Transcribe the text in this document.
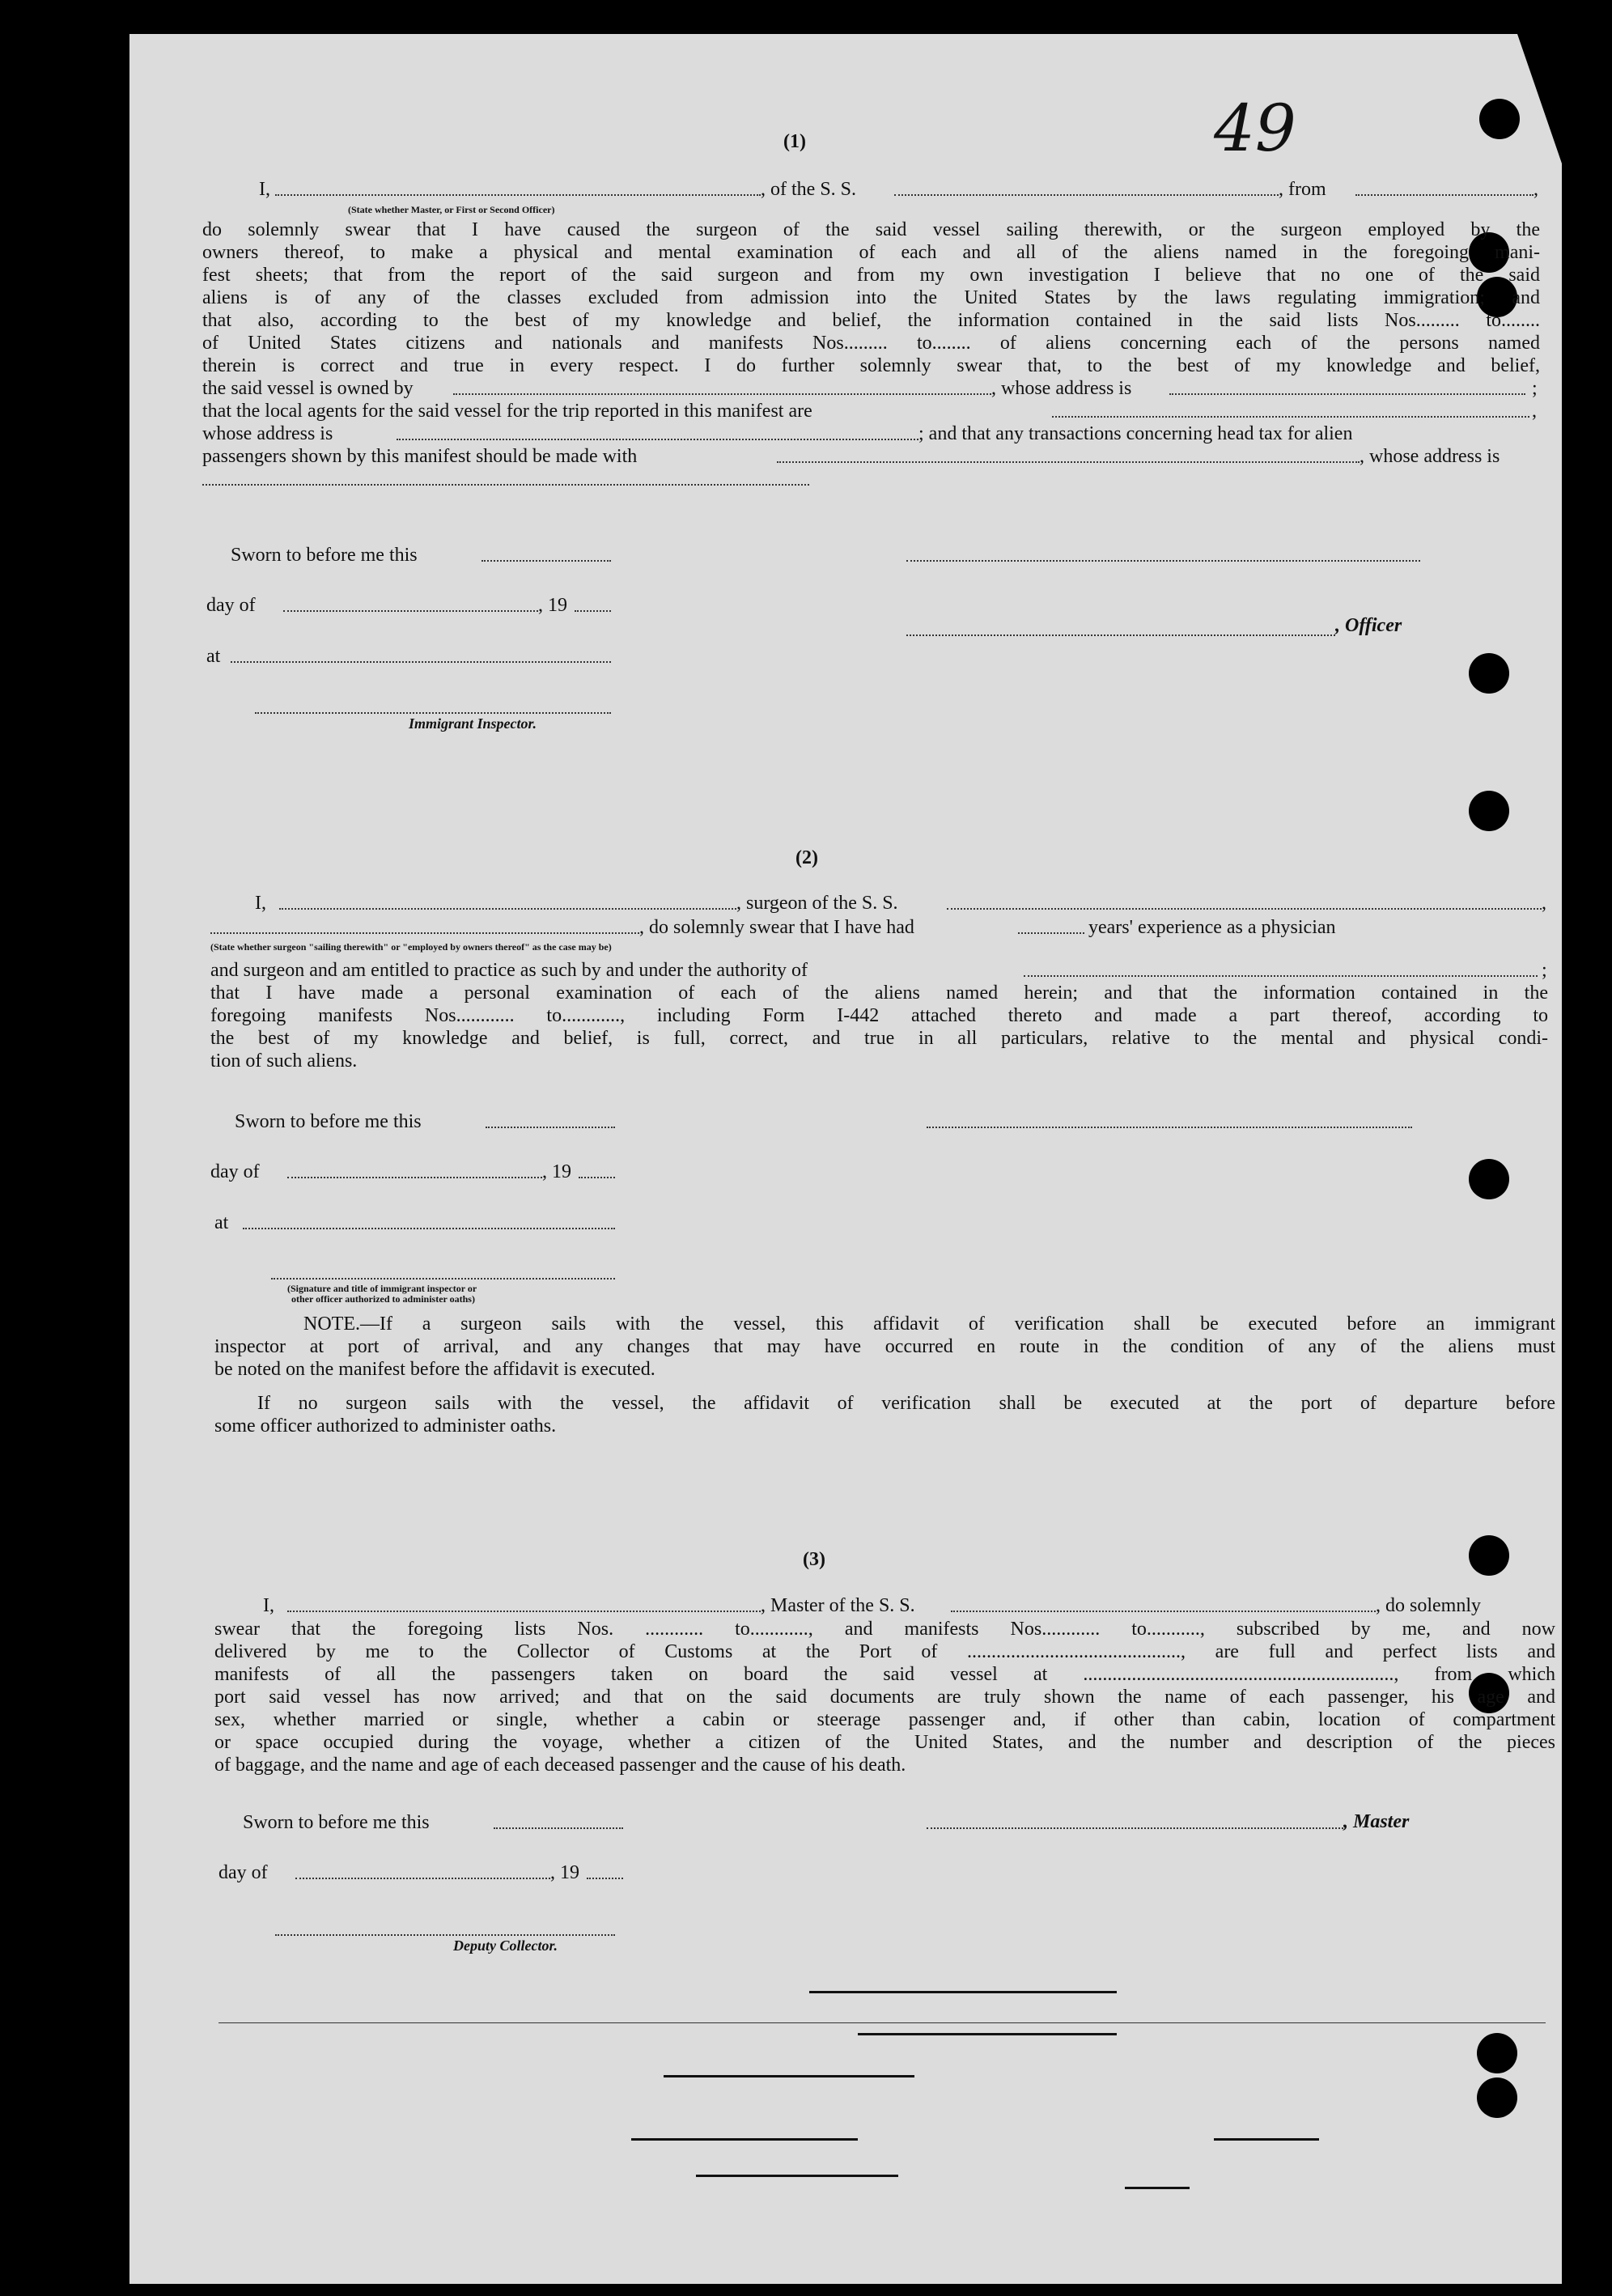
49
(1)
I,	, of the S. S.	, from	,
(State whether Master, or First or Second Officer)
do solemnly swear that I have caused the surgeon of the said vessel sailing therewith, or the surgeon employed by the
owners thereof, to make a physical and mental examination of each and all of the aliens named in the foregoing mani-
fest sheets; that from the report of the said surgeon and from my own investigation I believe that no one of the said
aliens is of any of the classes excluded from admission into the United States by the laws regulating immigration; and
that also, according to the best of my knowledge and belief, the information contained in the said lists Nos......... to........
of United States citizens and nationals and manifests Nos......... to........ of aliens concerning each of the persons named
therein is correct and true in every respect. I do further solemnly swear that, to the best of my knowledge and belief,
the said vessel is owned by	, whose address is	;
that the local agents for the said vessel for the trip reported in this manifest are	,
whose address is	; and that any transactions concerning head tax for alien
passengers shown by this manifest should be made with	, whose address is
Sworn to before me this
day of	, 19
, Officer
at
Immigrant Inspector.
(2)
I,	, surgeon of the S. S.	,
, do solemnly swear that I have had	years' experience as a physician
(State whether surgeon "sailing therewith" or "employed by owners thereof" as the case may be)
and surgeon and am entitled to practice as such by and under the authority of	;
that I have made a personal examination of each of the aliens named herein; and that the information contained in the
foregoing manifests Nos............ to............, including Form I-442 attached thereto and made a part thereof, according to
the best of my knowledge and belief, is full, correct, and true in all particulars, relative to the mental and physical condi-
tion of such aliens.
Sworn to before me this
day of	, 19
at
(Signature and title of immigrant inspector or
other officer authorized to administer oaths)
NOTE.—If a surgeon sails with the vessel, this affidavit of verification shall be executed before an immigrant
inspector at port of arrival, and any changes that may have occurred en route in the condition of any of the aliens must
be noted on the manifest before the affidavit is executed.
If no surgeon sails with the vessel, the affidavit of verification shall be executed at the port of departure before
some officer authorized to administer oaths.
(3)
I,	, Master of the S. S.	, do solemnly
swear that the foregoing lists Nos. ............ to............, and manifests Nos............ to..........., subscribed by me, and now
delivered by me to the Collector of Customs at the Port of ............................................, are full and perfect lists and
manifests of all the passengers taken on board the said vessel at ................................................................, from which
port said vessel has now arrived; and that on the said documents are truly shown the name of each passenger, his age and
sex, whether married or single, whether a cabin or steerage passenger and, if other than cabin, location of compartment
or space occupied during the voyage, whether a citizen of the United States, and the number and description of the pieces
of baggage, and the name and age of each deceased passenger and the cause of his death.
Sworn to before me this	, Master
day of	, 19
Deputy Collector.
